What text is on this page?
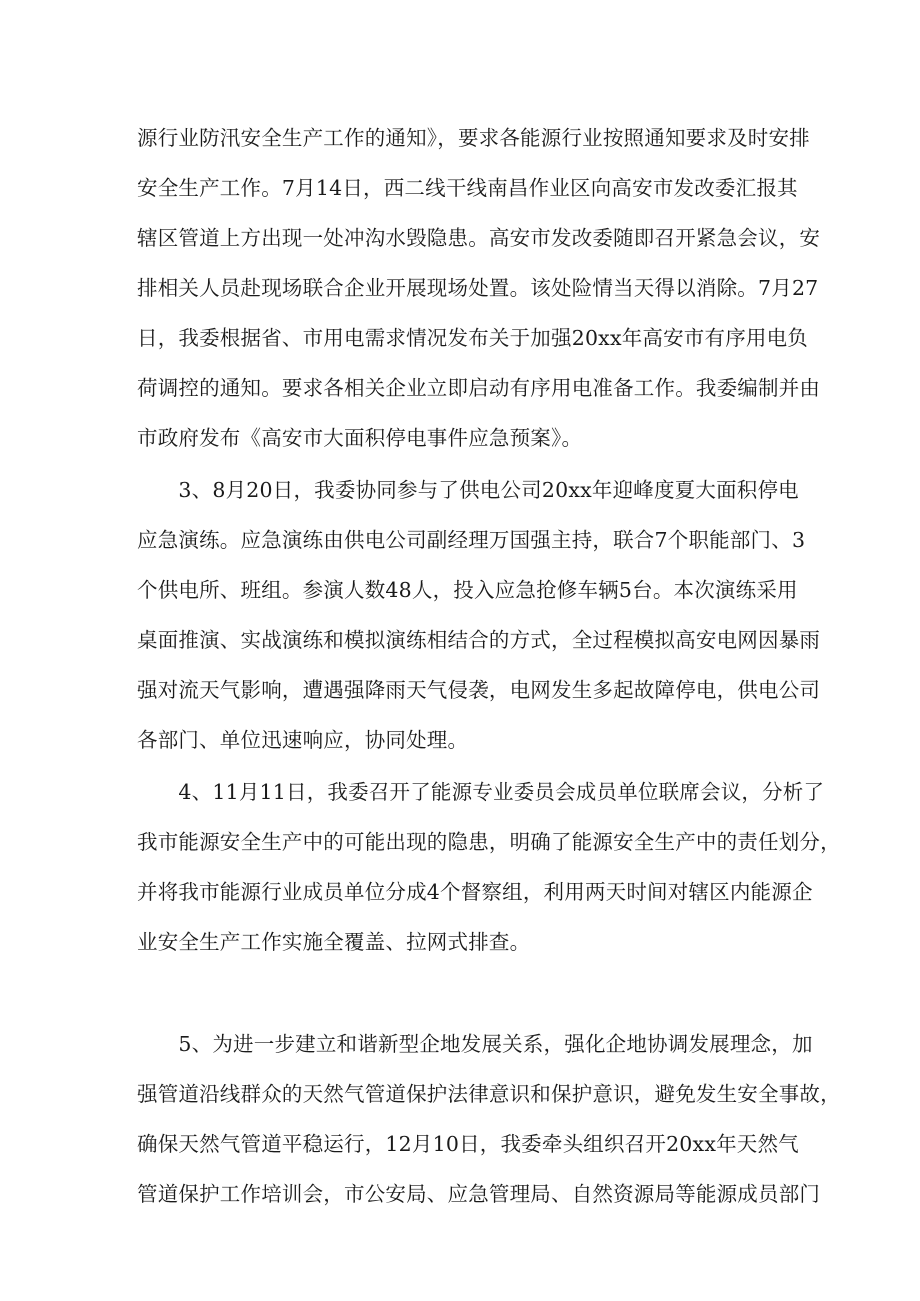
源行业防汛安全生产工作的通知》，要求各能源行业按照通知要求及时安排
安全生产工作。7月14日，西二线干线南昌作业区向高安市发改委汇报其
辖区管道上方出现一处冲沟水毁隐患。高安市发改委随即召开紧急会议，安
排相关人员赴现场联合企业开展现场处置。该处险情当天得以消除。7月27
日，我委根据省、市用电需求情况发布关于加强20xx年高安市有序用电负
荷调控的通知。要求各相关企业立即启动有序用电准备工作。我委编制并由
市政府发布《高安市大面积停电事件应急预案》。
　　3、8月20日，我委协同参与了供电公司20xx年迎峰度夏大面积停电
应急演练。应急演练由供电公司副经理万国强主持，联合7个职能部门、3
个供电所、班组。参演人数48人，投入应急抢修车辆5台。本次演练采用
桌面推演、实战演练和模拟演练相结合的方式，全过程模拟高安电网因暴雨
强对流天气影响，遭遇强降雨天气侵袭，电网发生多起故障停电，供电公司
各部门、单位迅速响应，协同处理。
　　4、11月11日，我委召开了能源专业委员会成员单位联席会议，分析了
我市能源安全生产中的可能出现的隐患，明确了能源安全生产中的责任划分，
并将我市能源行业成员单位分成4个督察组，利用两天时间对辖区内能源企
业安全生产工作实施全覆盖、拉网式排查。
　　5、为进一步建立和谐新型企地发展关系，强化企地协调发展理念，加
强管道沿线群众的天然气管道保护法律意识和保护意识，避免发生安全事故，
确保天然气管道平稳运行，12月10日，我委牵头组织召开20xx年天然气
管道保护工作培训会，市公安局、应急管理局、自然资源局等能源成员部门
